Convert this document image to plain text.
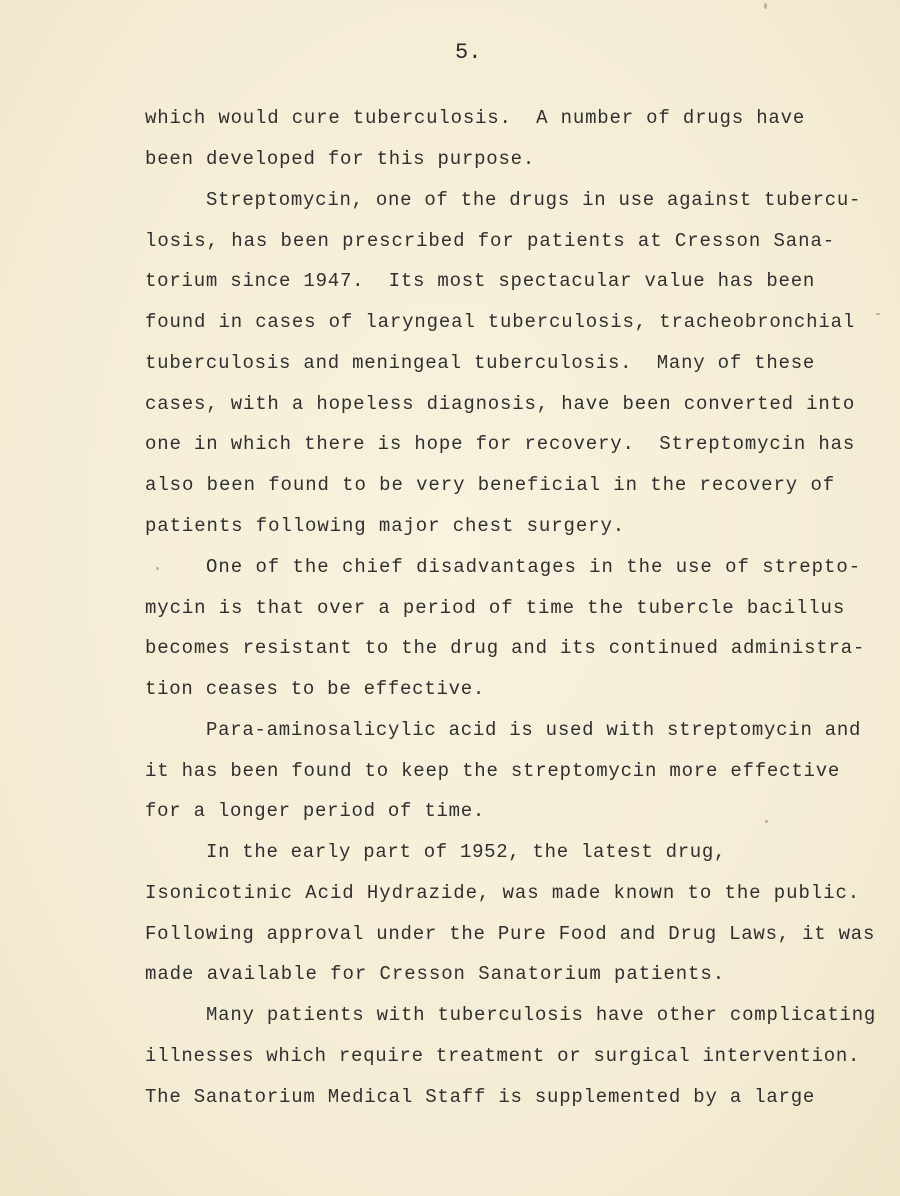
5.
which would cure tuberculosis.  A number of drugs have
been developed for this purpose.
Streptomycin, one of the drugs in use against tubercu-
losis, has been prescribed for patients at Cresson Sana-
torium since 1947.  Its most spectacular value has been
found in cases of laryngeal tuberculosis, tracheobronchial
tuberculosis and meningeal tuberculosis.  Many of these
cases, with a hopeless diagnosis, have been converted into
one in which there is hope for recovery.  Streptomycin has
also been found to be very beneficial in the recovery of
patients following major chest surgery.
One of the chief disadvantages in the use of strepto-
mycin is that over a period of time the tubercle bacillus
becomes resistant to the drug and its continued administra-
tion ceases to be effective.
Para-aminosalicylic acid is used with streptomycin and
it has been found to keep the streptomycin more effective
for a longer period of time.
In the early part of 1952, the latest drug,
Isonicotinic Acid Hydrazide, was made known to the public.
Following approval under the Pure Food and Drug Laws, it was
made available for Cresson Sanatorium patients.
Many patients with tuberculosis have other complicating
illnesses which require treatment or surgical intervention.
The Sanatorium Medical Staff is supplemented by a large
